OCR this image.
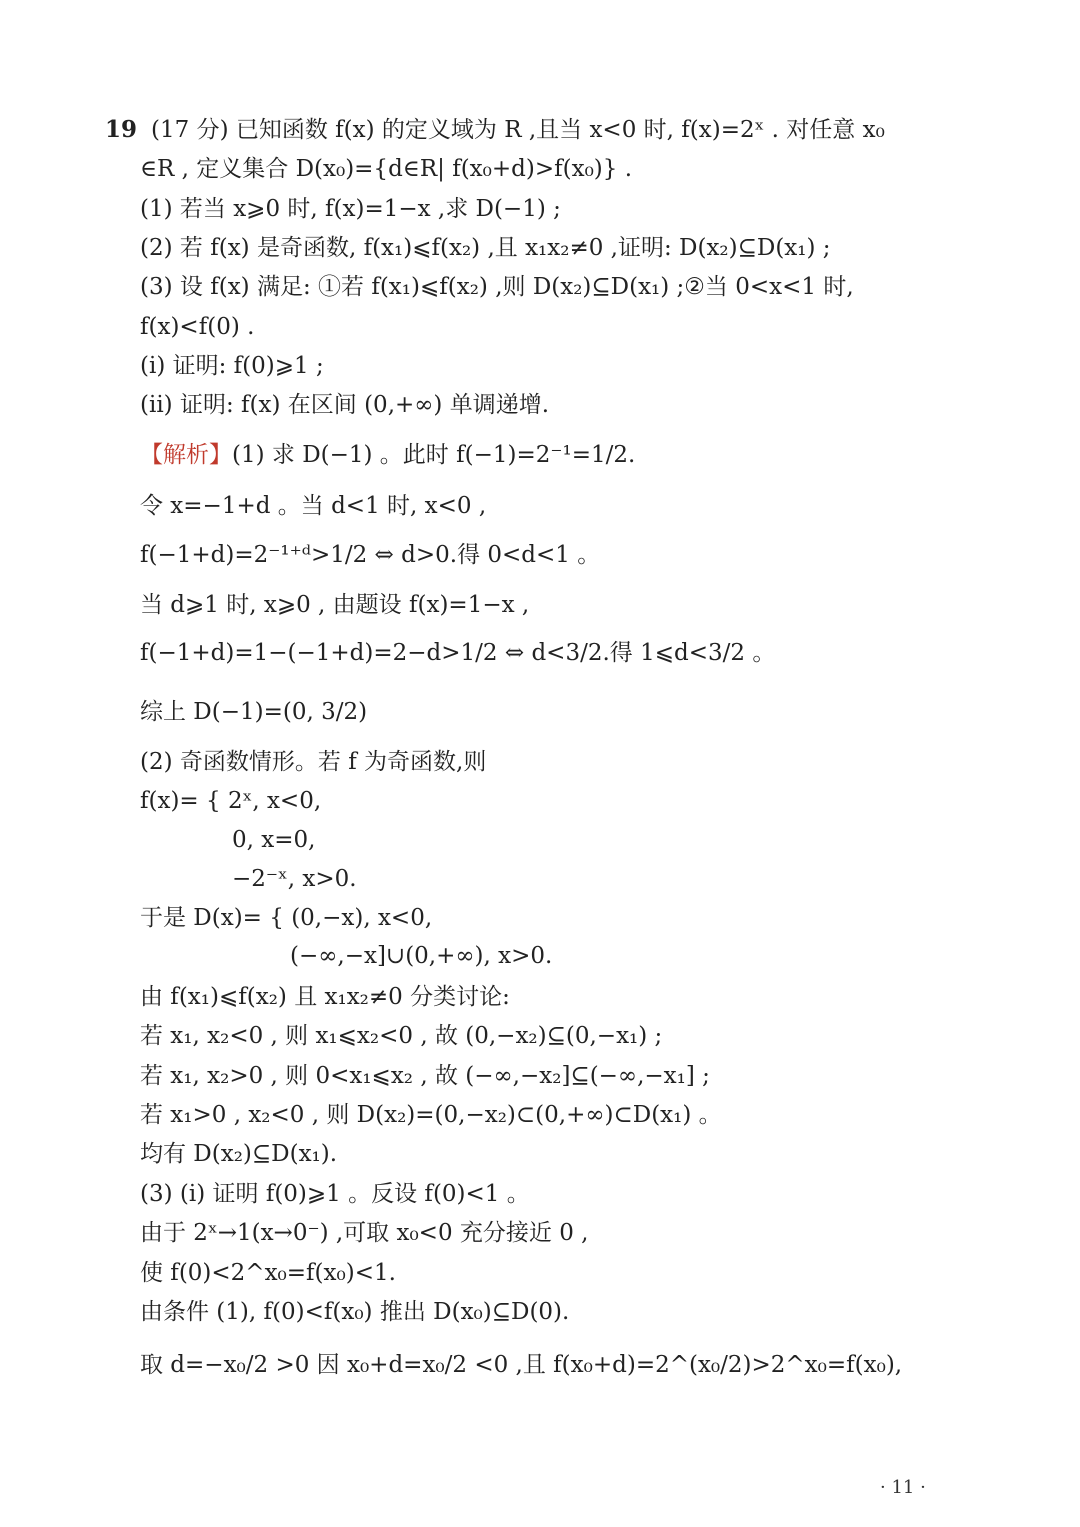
19 (17 分) 已知函数 f(x) 的定义域为 R ,且当 x<0 时, f(x)=2ˣ . 对任意 x₀
∈R , 定义集合 D(x₀)={d∈R| f(x₀+d)>f(x₀)} .
(1) 若当 x⩾0 时, f(x)=1−x ,求 D(−1) ;
(2) 若 f(x) 是奇函数, f(x₁)⩽f(x₂) ,且 x₁x₂≠0 ,证明: D(x₂)⊆D(x₁) ;
(3) 设 f(x) 满足: ①若 f(x₁)⩽f(x₂) ,则 D(x₂)⊆D(x₁) ;②当 0<x<1 时,
f(x)<f(0) .
(i) 证明: f(0)⩾1 ;
(ii) 证明: f(x) 在区间 (0,+∞) 单调递增.
【解析】(1) 求 D(−1) 。此时 f(−1)=2⁻¹=1/2.
令 x=−1+d 。当 d<1 时, x<0 ,
f(−1+d)=2⁻¹⁺ᵈ>1/2 ⇔ d>0.得 0<d<1 。
当 d⩾1 时, x⩾0 , 由题设 f(x)=1−x ,
f(−1+d)=1−(−1+d)=2−d>1/2 ⇔ d<3/2.得 1⩽d<3/2 。
综上 D(−1)=(0, 3/2)
(2) 奇函数情形。若 f 为奇函数,则
f(x)= { 2ˣ, x<0,
0, x=0,
−2⁻ˣ, x>0.
于是 D(x)= { (0,−x), x<0,
(−∞,−x]∪(0,+∞), x>0.
由 f(x₁)⩽f(x₂) 且 x₁x₂≠0 分类讨论:
若 x₁, x₂<0 , 则 x₁⩽x₂<0 , 故 (0,−x₂)⊆(0,−x₁) ;
若 x₁, x₂>0 , 则 0<x₁⩽x₂ , 故 (−∞,−x₂]⊆(−∞,−x₁] ;
若 x₁>0 , x₂<0 , 则 D(x₂)=(0,−x₂)⊂(0,+∞)⊂D(x₁) 。
均有 D(x₂)⊆D(x₁).
(3) (i) 证明 f(0)⩾1 。反设 f(0)<1 。
由于 2ˣ→1(x→0⁻) ,可取 x₀<0 充分接近 0 ,
使 f(0)<2^x₀=f(x₀)<1.
由条件 (1), f(0)<f(x₀) 推出 D(x₀)⊆D(0).
取 d=−x₀/2 >0 因 x₀+d=x₀/2 <0 ,且 f(x₀+d)=2^(x₀/2)>2^x₀=f(x₀),
· 11 ·
